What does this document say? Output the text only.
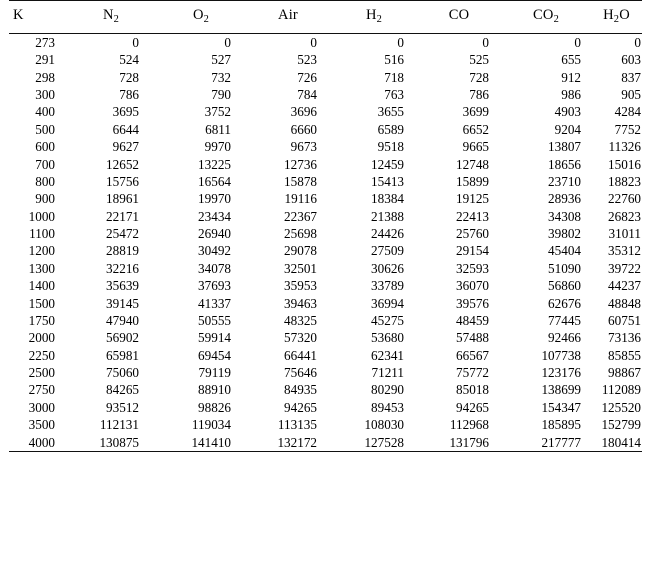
K	$N_2$	$O_2$	Air	$H_2$	CO	$CO_2$	$H_2O$
273	0	0	0	0	0	0	0
291	524	527	523	516	525	655	603
298	728	732	726	718	728	912	837
300	786	790	784	763	786	986	905
400	3695	3752	3696	3655	3699	4903	4284
500	6644	6811	6660	6589	6652	9204	7752
600	9627	9970	9673	9518	9665	13807	11326
700	12652	13225	12736	12459	12748	18656	15016
800	15756	16564	15878	15413	15899	23710	18823
900	18961	19970	19116	18384	19125	28936	22760
1000	22171	23434	22367	21388	22413	34308	26823
1100	25472	26940	25698	24426	25760	39802	31011
1200	28819	30492	29078	27509	29154	45404	35312
1300	32216	34078	32501	30626	32593	51090	39722
1400	35639	37693	35953	33789	36070	56860	44237
1500	39145	41337	39463	36994	39576	62676	48848
1750	47940	50555	48325	45275	48459	77445	60751
2000	56902	59914	57320	53680	57488	92466	73136
2250	65981	69454	66441	62341	66567	107738	85855
2500	75060	79119	75646	71211	75772	123176	98867
2750	84265	88910	84935	80290	85018	138699	112089
3000	93512	98826	94265	89453	94265	154347	125520
3500	112131	119034	113135	108030	112968	185895	152799
4000	130875	141410	132172	127528	131796	217777	180414
